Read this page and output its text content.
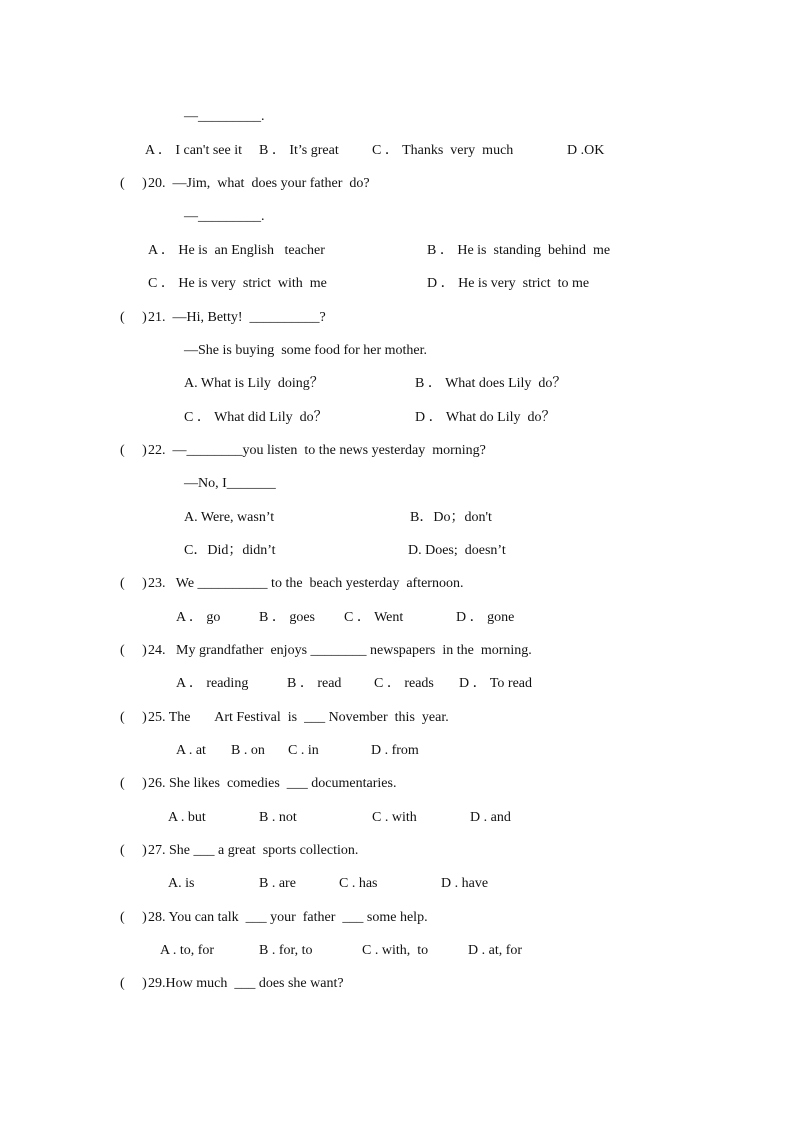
—_________.
A ． I can't see it B ． It’s great C ． Thanks  very  much	D .OK
(     ) 20.  —Jim,  what  does your father  do?
—_________.
A ． He is  an English   teacher	B ． He is  standing  behind  me
C ． He is very  strict  with  me	D ． He is very  strict  to me
(     ) 21.  —Hi, Betty!  __________?
—She is buying  some food for her mother.
A. What is Lily  doing？	B ． What does Lily  do？
C ． What did Lily  do？	D ． What do Lily  do？
(     ) 22.  —________you listen  to the news yesterday  morning?
—No, I_______
A. Were, wasn’t	B．Do；don't
C．Did；didn’t	D. Does;  doesn’t
(     ) 23.   We __________ to the  beach yesterday  afternoon.
A ． go	B ． goes C ． Went	D ． gone
(     ) 24.   My grandfather  enjoys ________ newspapers  in the  morning.
A ． reading	B ． read C ． reads D ． To read
(     ) 25. The       Art Festival  is  ___ November  this  year.
A . at B . on C . in	D . from
(     ) 26. She likes  comedies  ___ documentaries.
A . but	B . not	C . with	D . and
(     ) 27. She ___ a great  sports collection.
A. is	B . are	C . has	D . have
(     ) 28. You can talk  ___ your  father  ___ some help.
A . to, for	B . for, to	C . with,  to	D . at, for
(     ) 29.How much  ___ does she want?
